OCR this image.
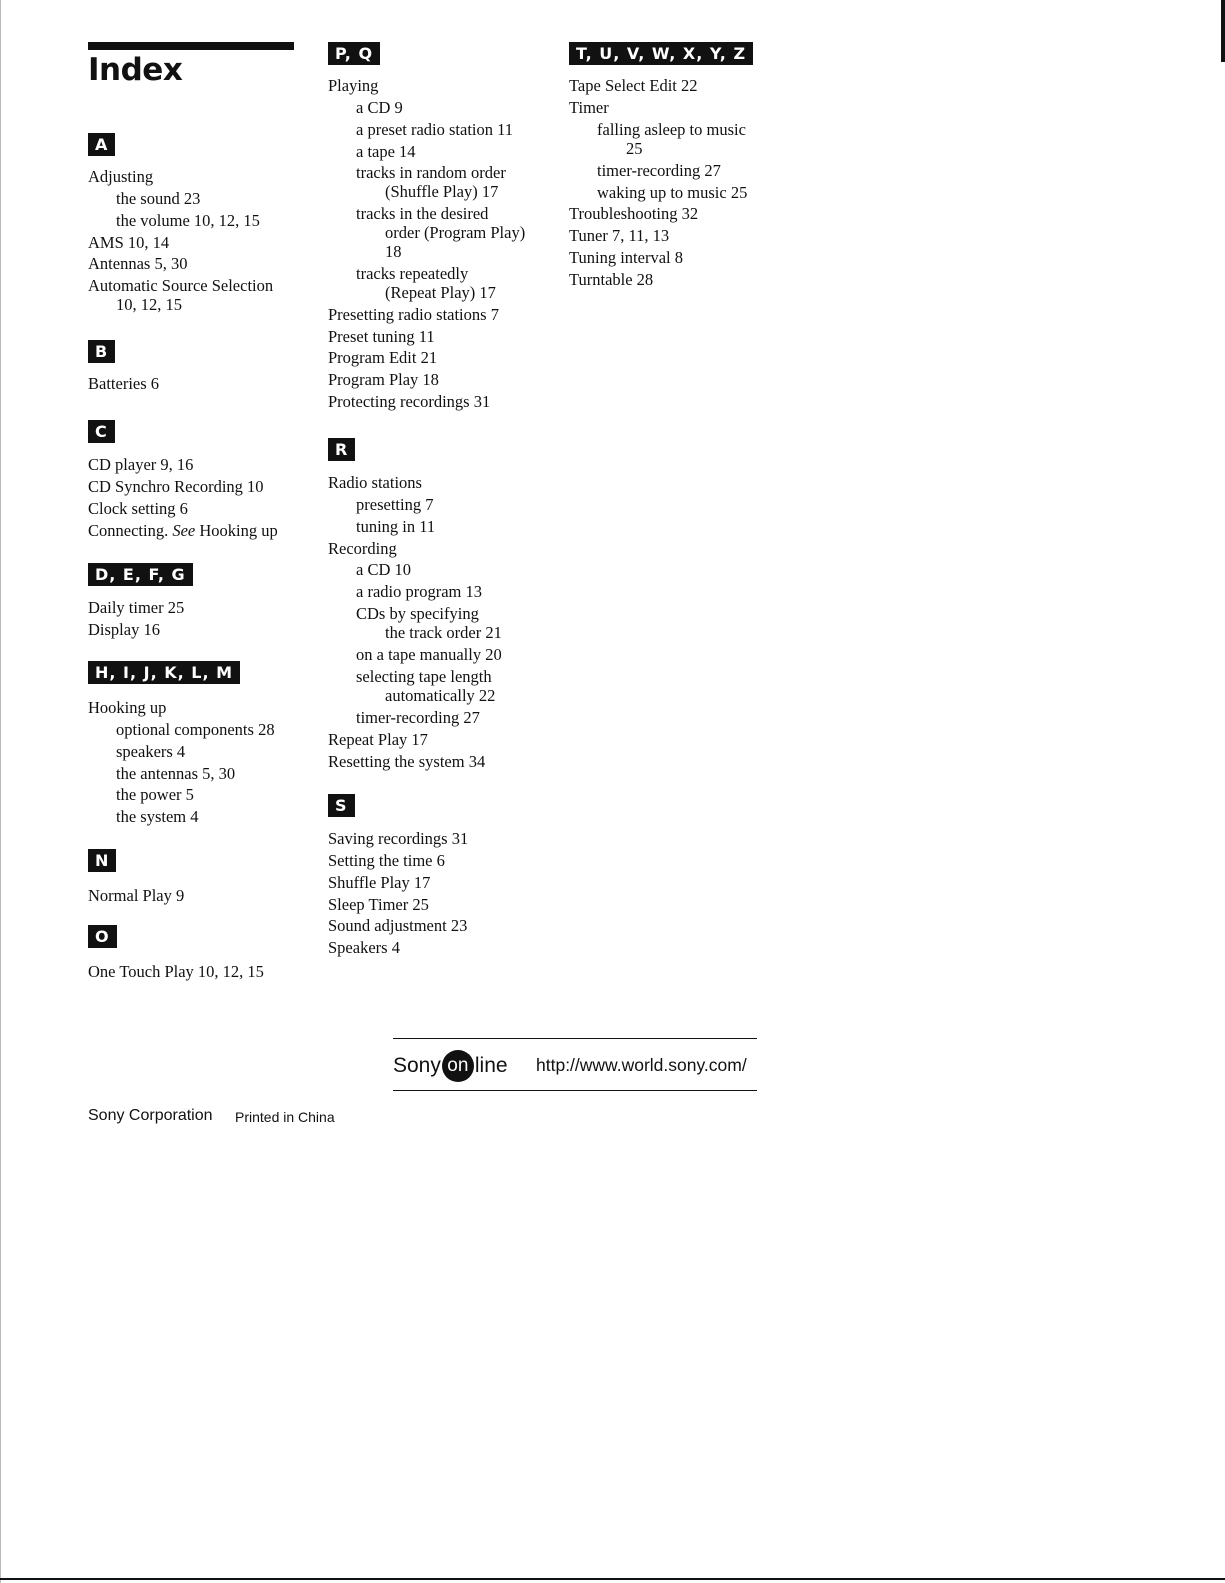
Index
A
Adjusting
the sound 23
the volume 10, 12, 15
AMS 10, 14
Antennas 5, 30
Automatic Source Selection
10, 12, 15
B
Batteries 6
C
CD player 9, 16
CD Synchro Recording 10
Clock setting 6
Connecting. See Hooking up
D, E, F, G
Daily timer 25
Display 16
H, I, J, K, L, M
Hooking up
optional components 28
speakers 4
the antennas 5, 30
the power 5
the system 4
N
Normal Play 9
O
One Touch Play 10, 12, 15
P, Q
Playing
a CD 9
a preset radio station 11
a tape 14
tracks in random order
(Shuffle Play) 17
tracks in the desired
order (Program Play)
18
tracks repeatedly
(Repeat Play) 17
Presetting radio stations 7
Preset tuning 11
Program Edit 21
Program Play 18
Protecting recordings 31
R
Radio stations
presetting 7
tuning in 11
Recording
a CD 10
a radio program 13
CDs by specifying
the track order 21
on a tape manually 20
selecting tape length
automatically 22
timer-recording 27
Repeat Play 17
Resetting the system 34
S
Saving recordings 31
Setting the time 6
Shuffle Play 17
Sleep Timer 25
Sound adjustment 23
Speakers 4
T, U, V, W, X, Y, Z
Tape Select Edit 22
Timer
falling asleep to music
25
timer-recording 27
waking up to music 25
Troubleshooting 32
Tuner 7, 11, 13
Tuning interval 8
Turntable 28
Sony on line http://www.world.sony.com/
Sony Corporation Printed in China
